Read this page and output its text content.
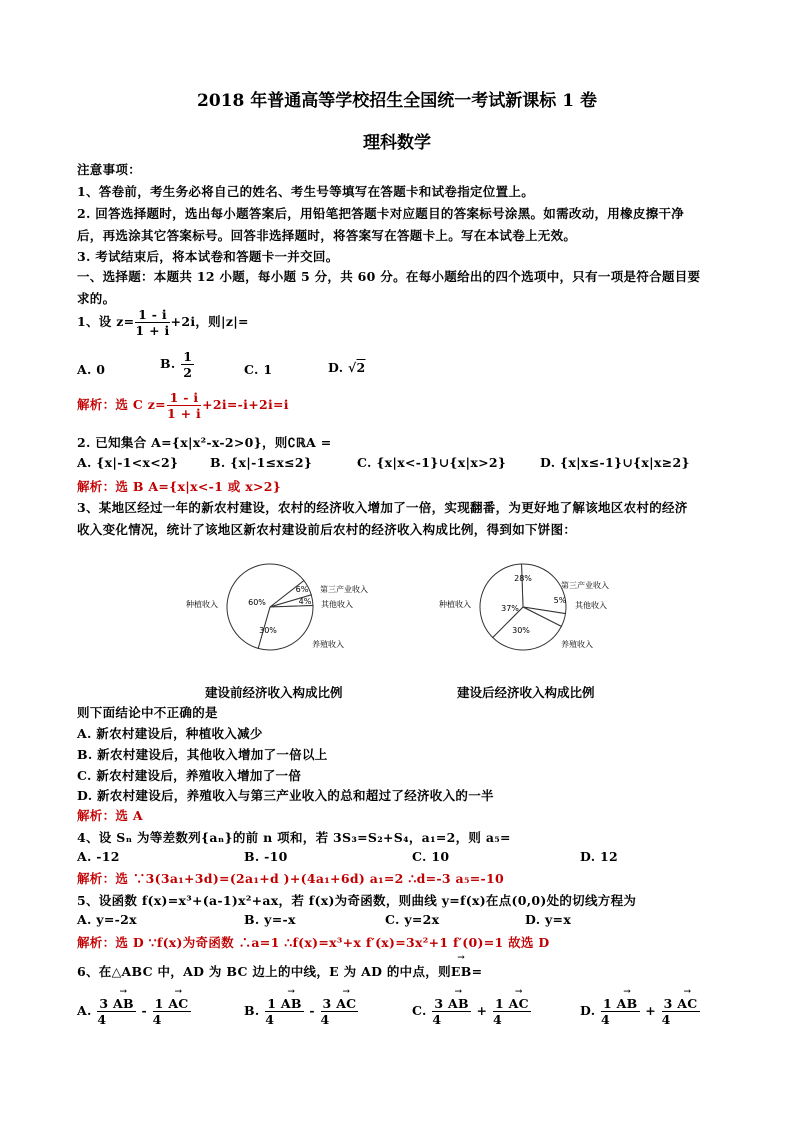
2018 年普通高等学校招生全国统一考试新课标 1 卷
理科数学
注意事项：
1、答卷前，考生务必将自己的姓名、考生号等填写在答题卡和试卷指定位置上。
2. 回答选择题时，选出每小题答案后，用铅笔把答题卡对应题目的答案标号涂黑。如需改动，用橡皮擦干净
后，再选涂其它答案标号。回答非选择题时，将答案写在答题卡上。写在本试卷上无效。
3. 考试结束后，将本试卷和答题卡一并交回。
一、选择题：本题共 12 小题，每小题 5 分，共 60 分。在每小题给出的四个选项中，只有一项是符合题目要
求的。
1、设 $z= \frac{1 - i}{1 + i} +2i$，则|z|=
A. 0	B. $\frac{1}{2}$	C. 1	D. √2
解析：选 C $z= \frac{1 - i}{1 + i} +2i=-i+2i=i$
2. 已知集合 A={x|x²-x-2>0}，则∁ℝA =
A. {x|-1<x<2}	B. {x|-1≤x≤2}	C. {x|x<-1}∪{x|x>2}	D. {x|x≤-1}∪{x|x≥2}
解析：选 B A={x|x<-1 或 x>2}
3、某地区经过一年的新农村建设，农村的经济收入增加了一倍，实现翻番，为更好地了解该地区农村的经济
收入变化情况，统计了该地区新农村建设前后农村的经济收入构成比例，得到如下饼图：
60%
种植收入
6% 第三产业收入
4% 其他收入
30%
养殖收入
37%
种植收入
28%
第三产业收入
5%
其他收入
30%
养殖收入
建设前经济收入构成比例	建设后经济收入构成比例
则下面结论中不正确的是
A. 新农村建设后，种植收入减少
B. 新农村建设后，其他收入增加了一倍以上
C. 新农村建设后，养殖收入增加了一倍
D. 新农村建设后，养殖收入与第三产业收入的总和超过了经济收入的一半
解析：选 A
4、设 Sₙ 为等差数列{aₙ}的前 n 项和，若 3S₃=S₂+S₄，a₁=2，则 a₅=
A. -12	B. -10	C. 10	D. 12
解析：选 ∵3(3a₁+3d)=(2a₁+d )+(4a₁+6d) a₁=2 ∴d=-3 a₅=-10
5、设函数 f(x)=x³+(a-1)x²+ax，若 f(x)为奇函数，则曲线 y=f(x)在点(0,0)处的切线方程为
A. y=-2x	B. y=-x	C. y=2x	D. y=x
解析：选 D ∵f(x)为奇函数 ∴a=1 ∴f(x)=x³+x f′(x)=3x²+1 f′(0)=1 故选 D
6、在△ABC 中，AD 为 BC 边上的中线，E 为 AD 的中点，则→ EB=
A. $\frac{3 \to AB}{4} - \frac{1 \to AC}{4}$	B. $\frac{1 \to AB}{4} - \frac{3 \to AC}{4}$	C. $\frac{3 \to AB}{4} + \frac{1 \to AC}{4}$	D. $\frac{1 \to AB}{4} + \frac{3 \to AC}{4}$
